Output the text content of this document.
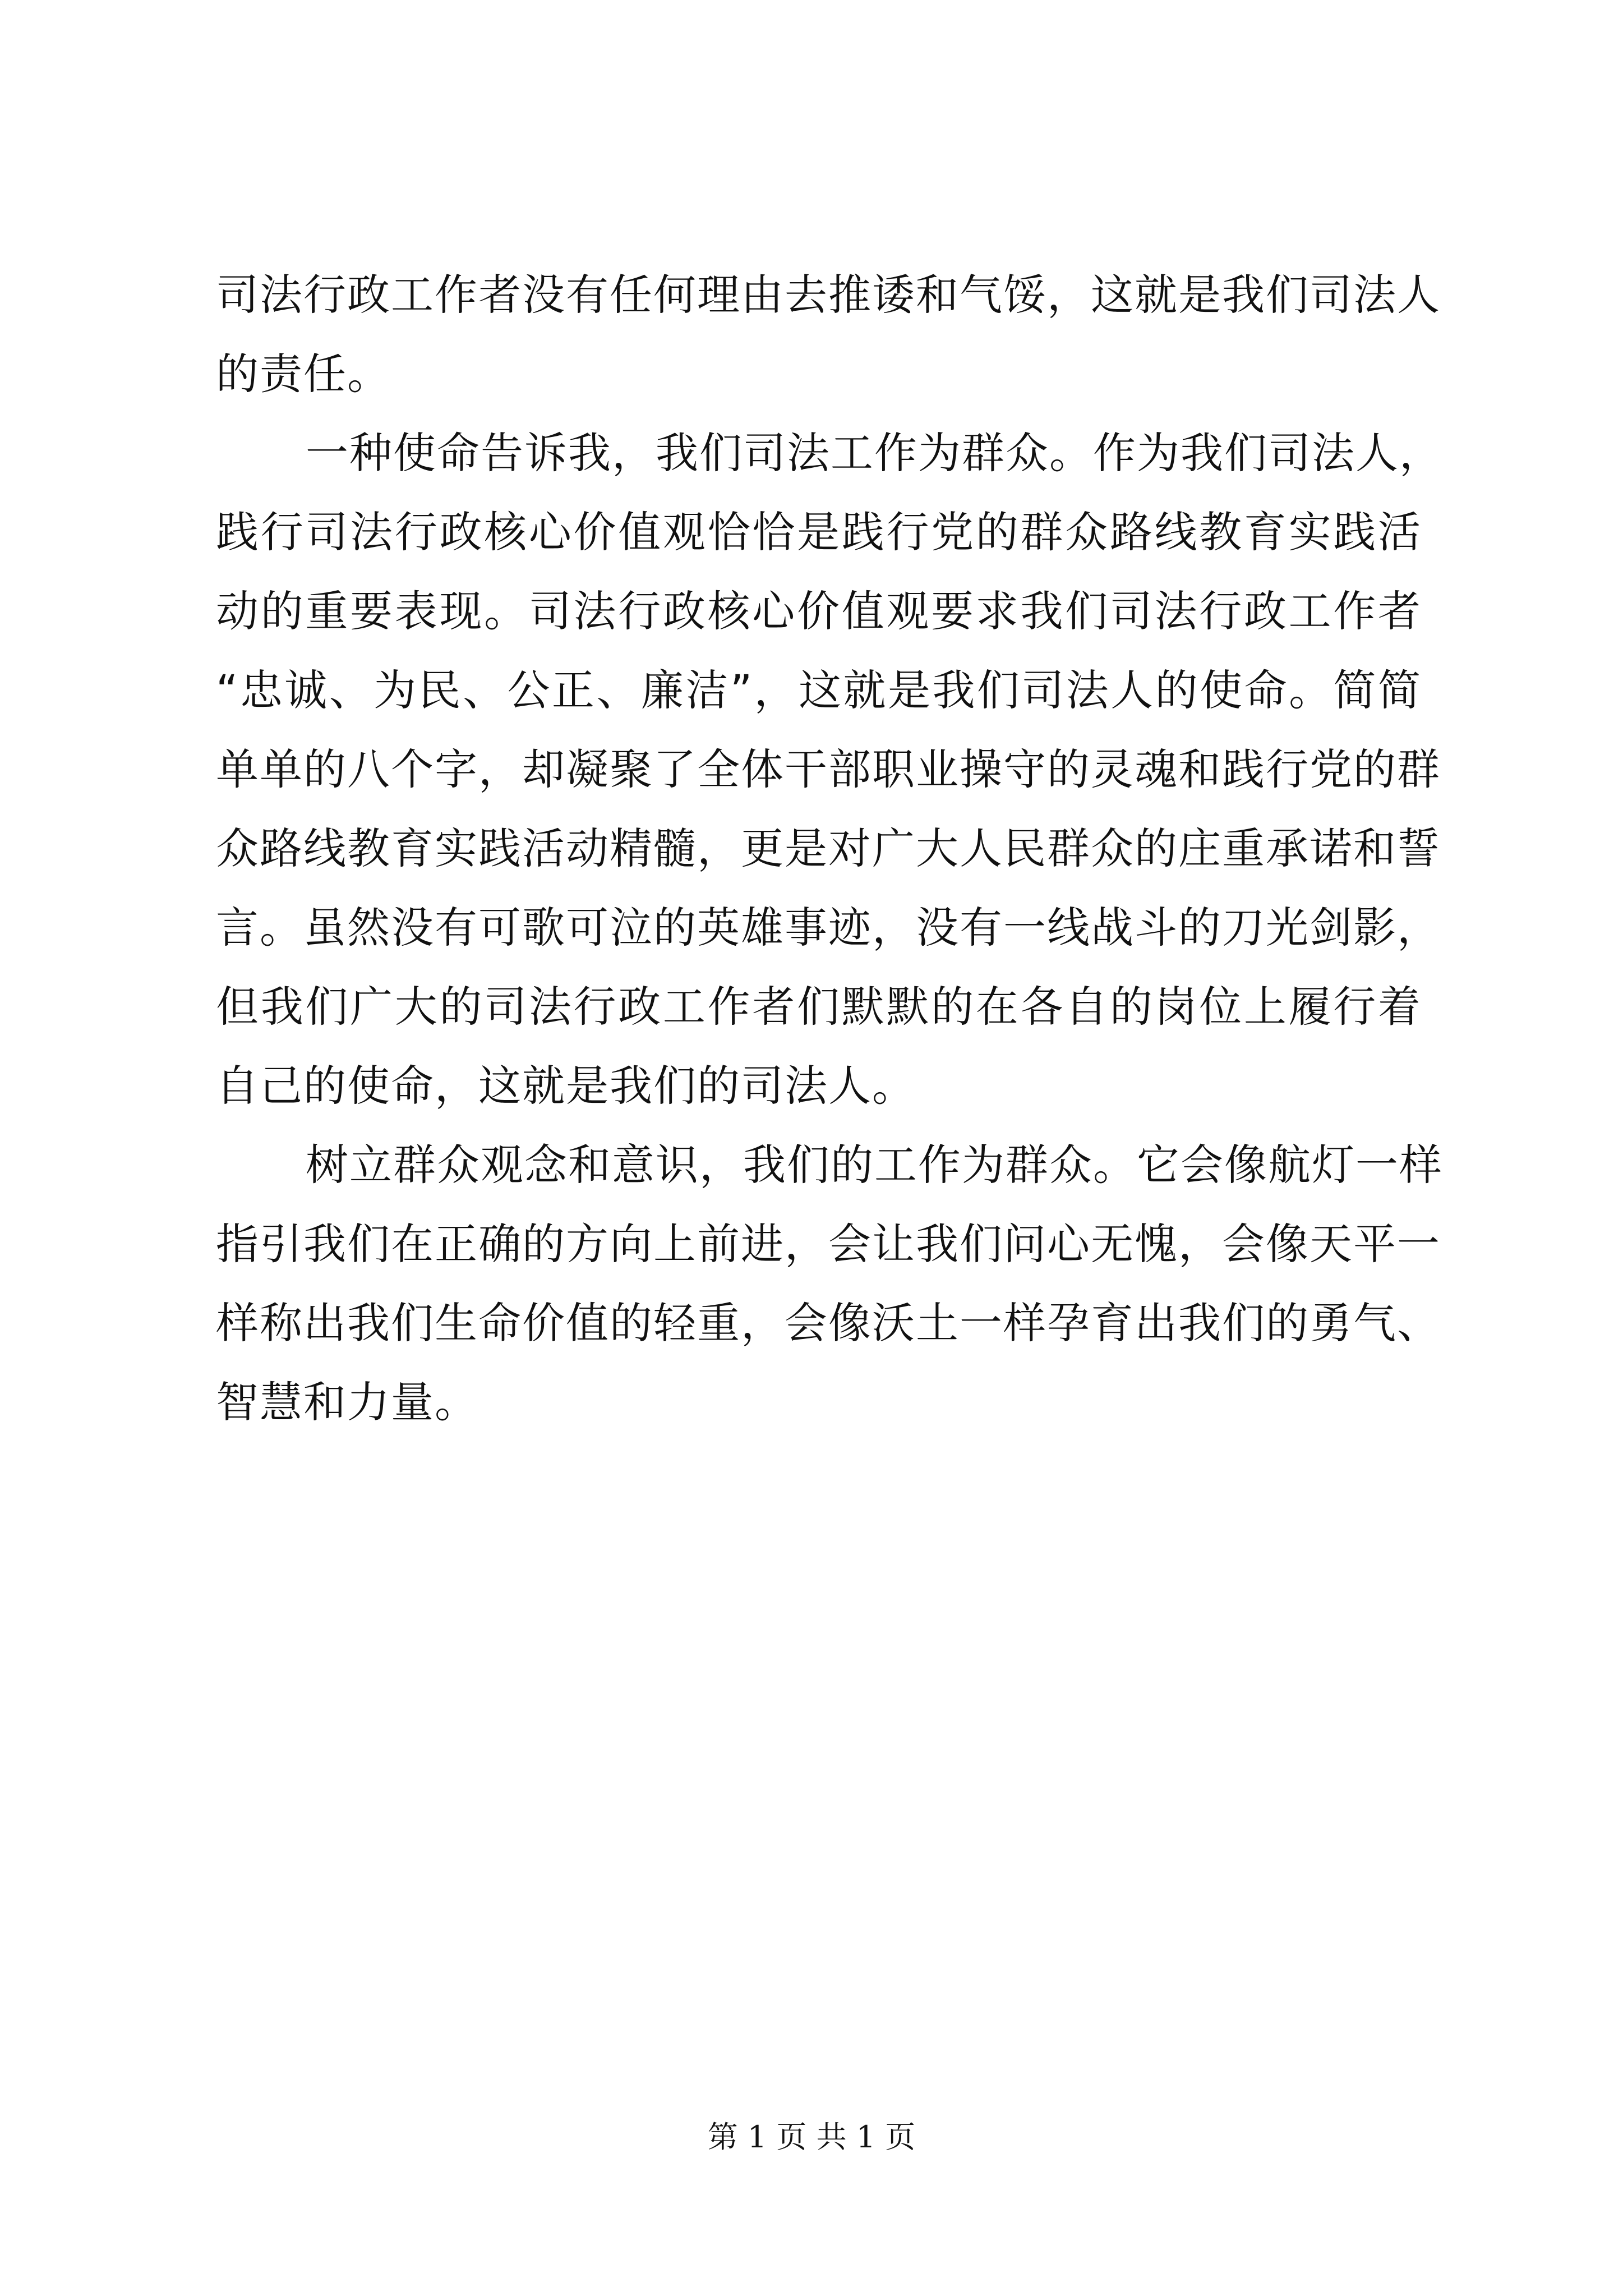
司法行政工作者没有任何理由去推诿和气馁，这就是我们司法人
的责任。
一种使命告诉我，我们司法工作为群众。作为我们司法人，
践行司法行政核心价值观恰恰是践行党的群众路线教育实践活
动的重要表现。司法行政核心价值观要求我们司法行政工作者
“忠诚、为民、公正、廉洁”，这就是我们司法人的使命。简简
单单的八个字，却凝聚了全体干部职业操守的灵魂和践行党的群
众路线教育实践活动精髓，更是对广大人民群众的庄重承诺和誓
言。虽然没有可歌可泣的英雄事迹，没有一线战斗的刀光剑影，
但我们广大的司法行政工作者们默默的在各自的岗位上履行着
自己的使命，这就是我们的司法人。
树立群众观念和意识，我们的工作为群众。它会像航灯一样
指引我们在正确的方向上前进，会让我们问心无愧，会像天平一
样称出我们生命价值的轻重，会像沃土一样孕育出我们的勇气、
智慧和力量。
第 1 页 共 1 页
